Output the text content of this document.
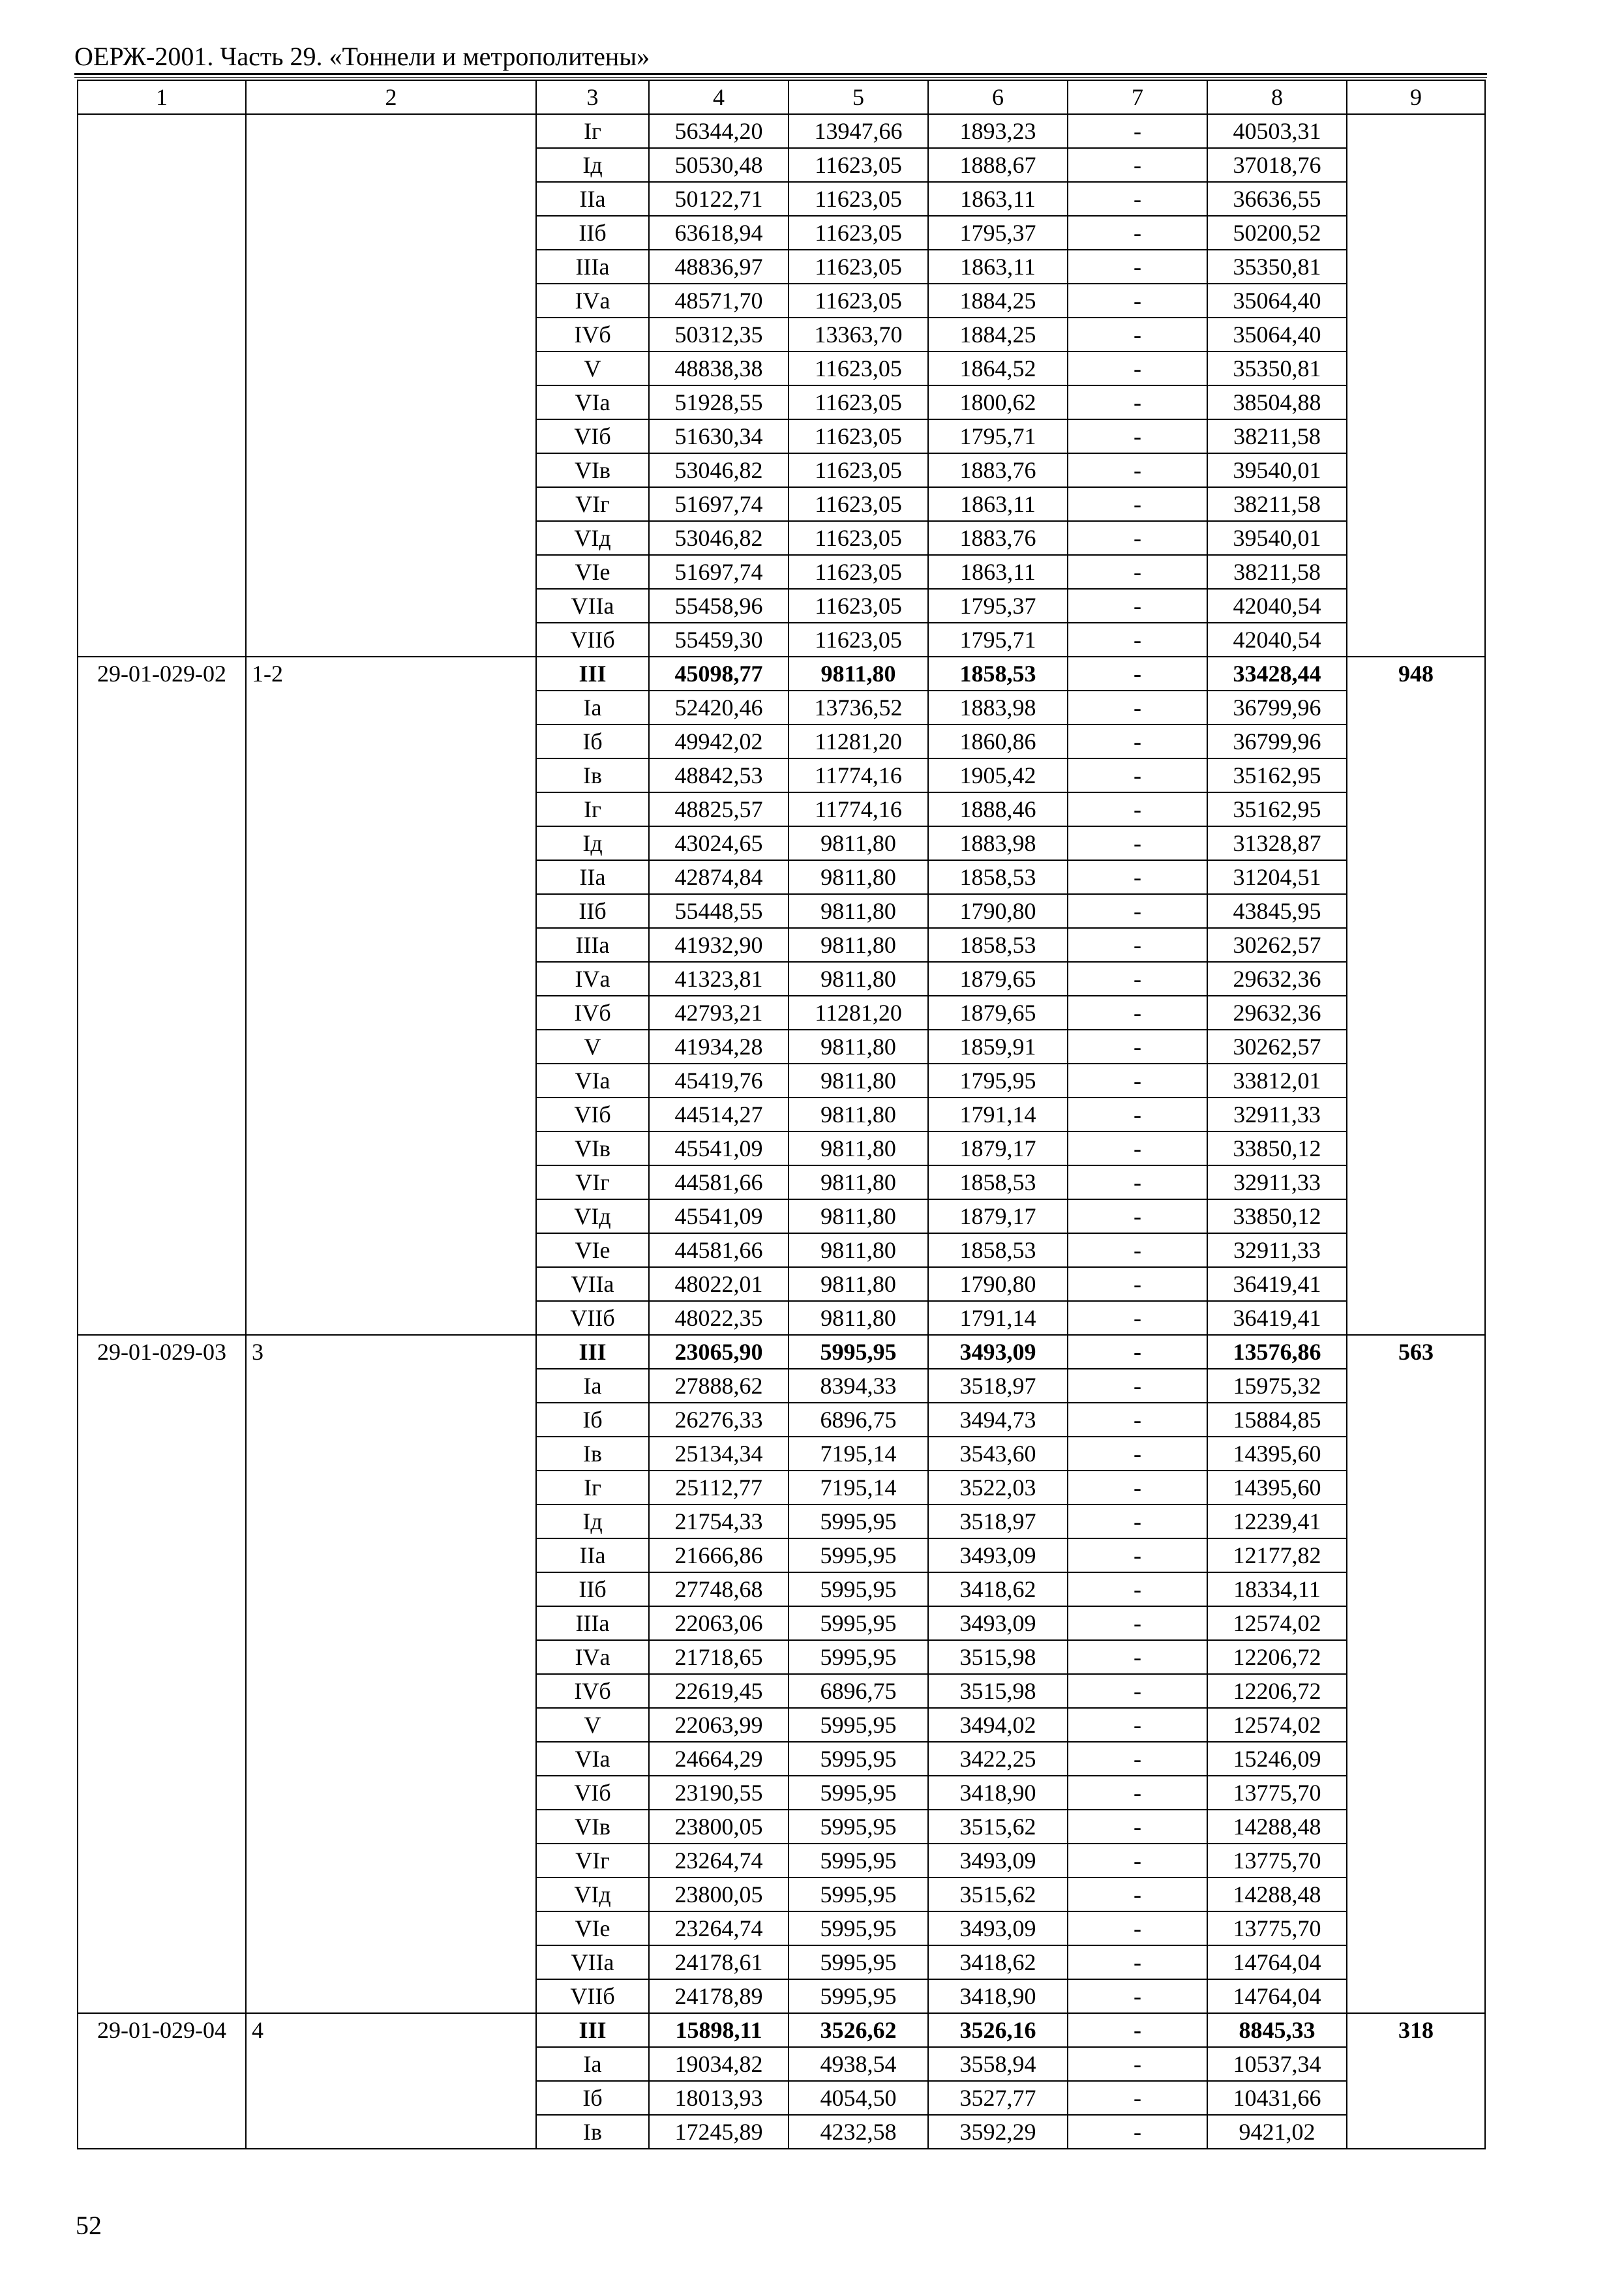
ОЕРЖ-2001. Часть 29. «Тоннели и метрополитены»
1	2	3	4	5	6	7	8	9
		Iг	56344,20	13947,66	1893,23	-	40503,31	
		Iд	50530,48	11623,05	1888,67	-	37018,76	
		IIа	50122,71	11623,05	1863,11	-	36636,55	
		IIб	63618,94	11623,05	1795,37	-	50200,52	
		IIIа	48836,97	11623,05	1863,11	-	35350,81	
		IVа	48571,70	11623,05	1884,25	-	35064,40	
		IVб	50312,35	13363,70	1884,25	-	35064,40	
		V	48838,38	11623,05	1864,52	-	35350,81	
		VIа	51928,55	11623,05	1800,62	-	38504,88	
		VIб	51630,34	11623,05	1795,71	-	38211,58	
		VIв	53046,82	11623,05	1883,76	-	39540,01	
		VIг	51697,74	11623,05	1863,11	-	38211,58	
		VIд	53046,82	11623,05	1883,76	-	39540,01	
		VIе	51697,74	11623,05	1863,11	-	38211,58	
		VIIа	55458,96	11623,05	1795,37	-	42040,54	
		VIIб	55459,30	11623,05	1795,71	-	42040,54	
29-01-029-02	1-2	III	45098,77	9811,80	1858,53	-	33428,44	948
		Iа	52420,46	13736,52	1883,98	-	36799,96	
		Iб	49942,02	11281,20	1860,86	-	36799,96	
		Iв	48842,53	11774,16	1905,42	-	35162,95	
		Iг	48825,57	11774,16	1888,46	-	35162,95	
		Iд	43024,65	9811,80	1883,98	-	31328,87	
		IIа	42874,84	9811,80	1858,53	-	31204,51	
		IIб	55448,55	9811,80	1790,80	-	43845,95	
		IIIа	41932,90	9811,80	1858,53	-	30262,57	
		IVа	41323,81	9811,80	1879,65	-	29632,36	
		IVб	42793,21	11281,20	1879,65	-	29632,36	
		V	41934,28	9811,80	1859,91	-	30262,57	
		VIа	45419,76	9811,80	1795,95	-	33812,01	
		VIб	44514,27	9811,80	1791,14	-	32911,33	
		VIв	45541,09	9811,80	1879,17	-	33850,12	
		VIг	44581,66	9811,80	1858,53	-	32911,33	
		VIд	45541,09	9811,80	1879,17	-	33850,12	
		VIе	44581,66	9811,80	1858,53	-	32911,33	
		VIIа	48022,01	9811,80	1790,80	-	36419,41	
		VIIб	48022,35	9811,80	1791,14	-	36419,41	
29-01-029-03	3	III	23065,90	5995,95	3493,09	-	13576,86	563
		Iа	27888,62	8394,33	3518,97	-	15975,32	
		Iб	26276,33	6896,75	3494,73	-	15884,85	
		Iв	25134,34	7195,14	3543,60	-	14395,60	
		Iг	25112,77	7195,14	3522,03	-	14395,60	
		Iд	21754,33	5995,95	3518,97	-	12239,41	
		IIа	21666,86	5995,95	3493,09	-	12177,82	
		IIб	27748,68	5995,95	3418,62	-	18334,11	
		IIIа	22063,06	5995,95	3493,09	-	12574,02	
		IVа	21718,65	5995,95	3515,98	-	12206,72	
		IVб	22619,45	6896,75	3515,98	-	12206,72	
		V	22063,99	5995,95	3494,02	-	12574,02	
		VIа	24664,29	5995,95	3422,25	-	15246,09	
		VIб	23190,55	5995,95	3418,90	-	13775,70	
		VIв	23800,05	5995,95	3515,62	-	14288,48	
		VIг	23264,74	5995,95	3493,09	-	13775,70	
		VIд	23800,05	5995,95	3515,62	-	14288,48	
		VIе	23264,74	5995,95	3493,09	-	13775,70	
		VIIа	24178,61	5995,95	3418,62	-	14764,04	
		VIIб	24178,89	5995,95	3418,90	-	14764,04	
29-01-029-04	4	III	15898,11	3526,62	3526,16	-	8845,33	318
		Iа	19034,82	4938,54	3558,94	-	10537,34	
		Iб	18013,93	4054,50	3527,77	-	10431,66	
		Iв	17245,89	4232,58	3592,29	-	9421,02	
52
